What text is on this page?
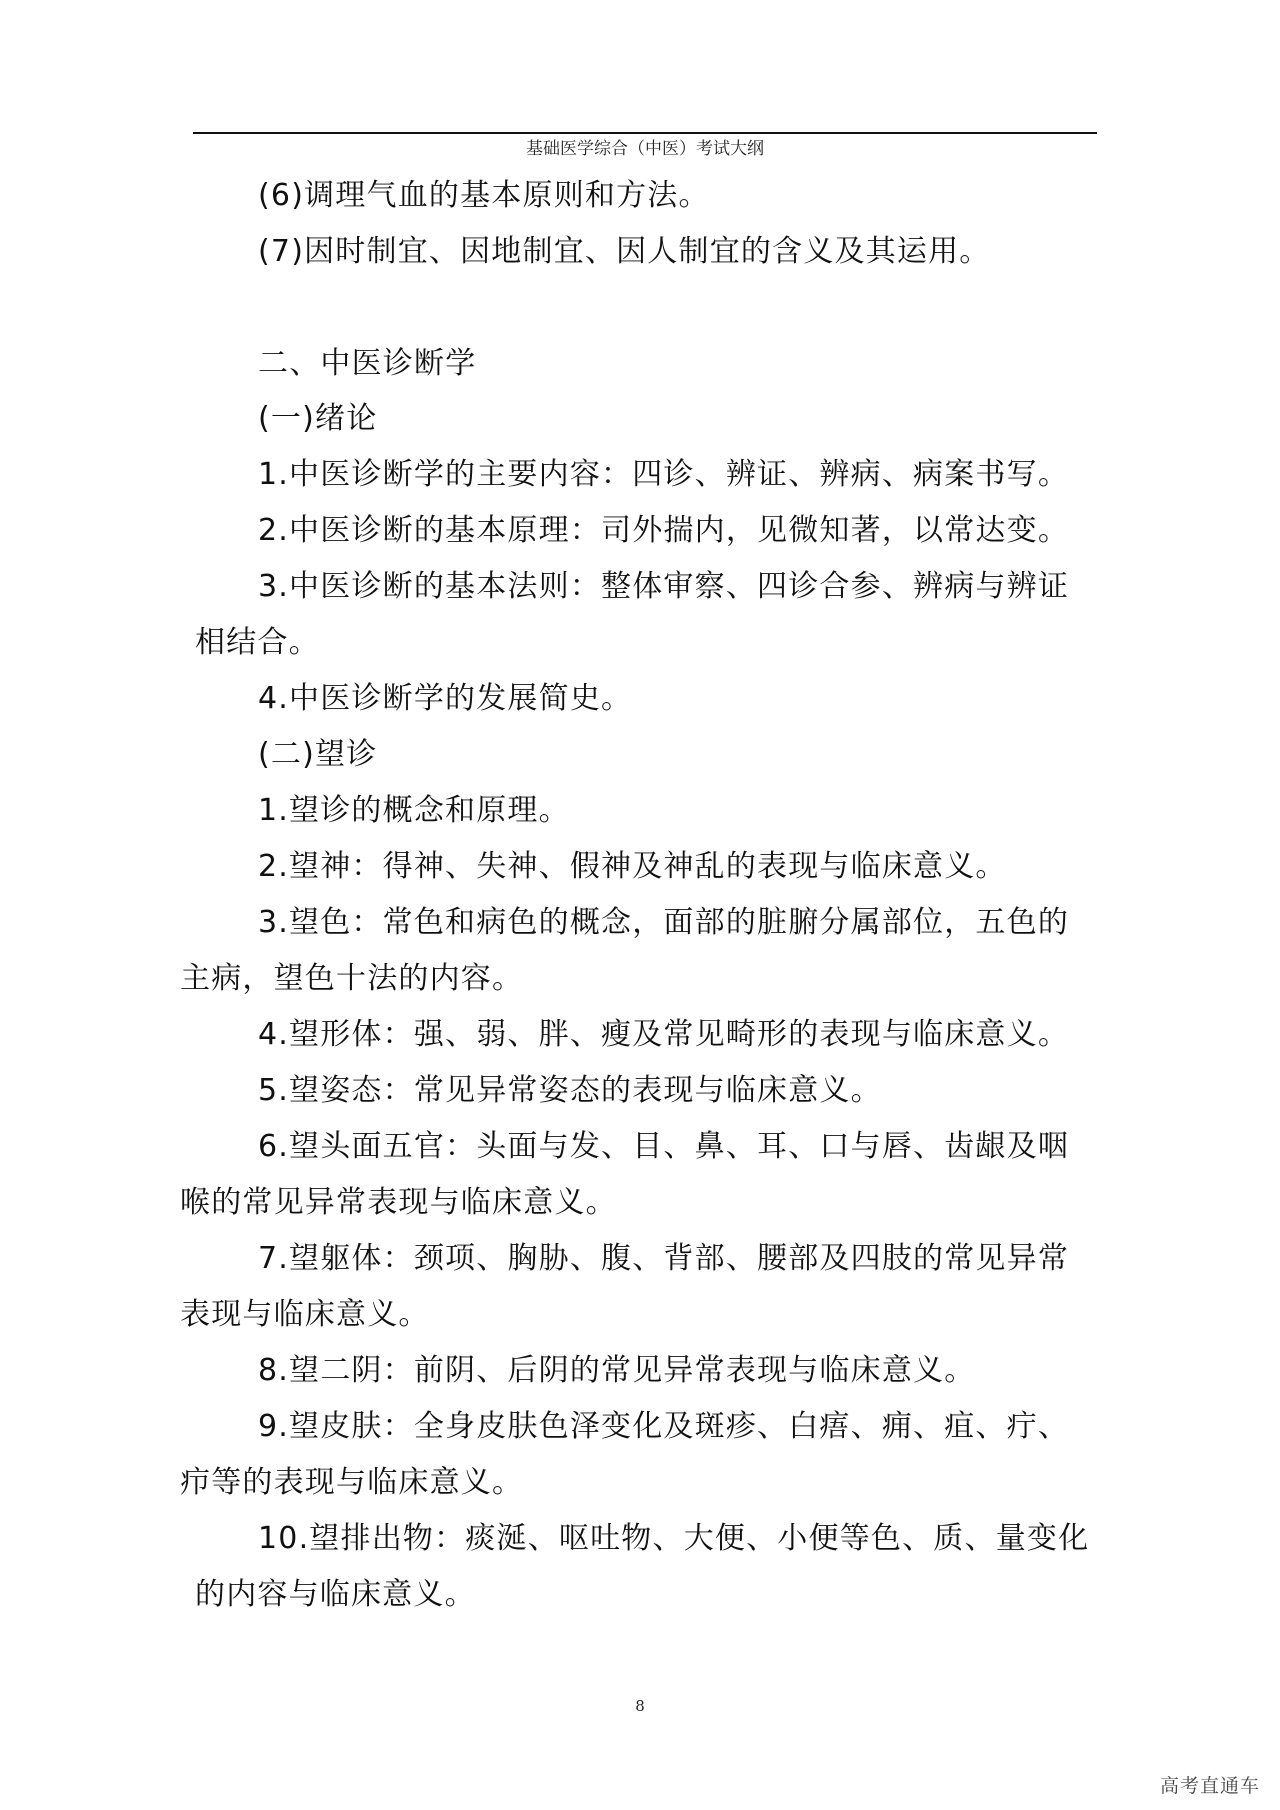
基础医学综合（中医）考试大纲
(6)调理气血的基本原则和方法。
(7)因时制宜、因地制宜、因人制宜的含义及其运用。
二、中医诊断学
(一)绪论
1.中医诊断学的主要内容：四诊、辨证、辨病、病案书写。
2.中医诊断的基本原理：司外揣内，见微知著，以常达变。
3.中医诊断的基本法则：整体审察、四诊合参、辨病与辨证
相结合。
4.中医诊断学的发展简史。
(二)望诊
1.望诊的概念和原理。
2.望神：得神、失神、假神及神乱的表现与临床意义。
3.望色：常色和病色的概念，面部的脏腑分属部位，五色的
主病，望色十法的内容。
4.望形体：强、弱、胖、瘦及常见畸形的表现与临床意义。
5.望姿态：常见异常姿态的表现与临床意义。
6.望头面五官：头面与发、目、鼻、耳、口与唇、齿龈及咽
喉的常见异常表现与临床意义。
7.望躯体：颈项、胸胁、腹、背部、腰部及四肢的常见异常
表现与临床意义。
8.望二阴：前阴、后阴的常见异常表现与临床意义。
9.望皮肤：全身皮肤色泽变化及斑疹、白痦、痈、疽、疔、
疖等的表现与临床意义。
10.望排出物：痰涎、呕吐物、大便、小便等色、质、量变化
的内容与临床意义。
8
高考直通车
